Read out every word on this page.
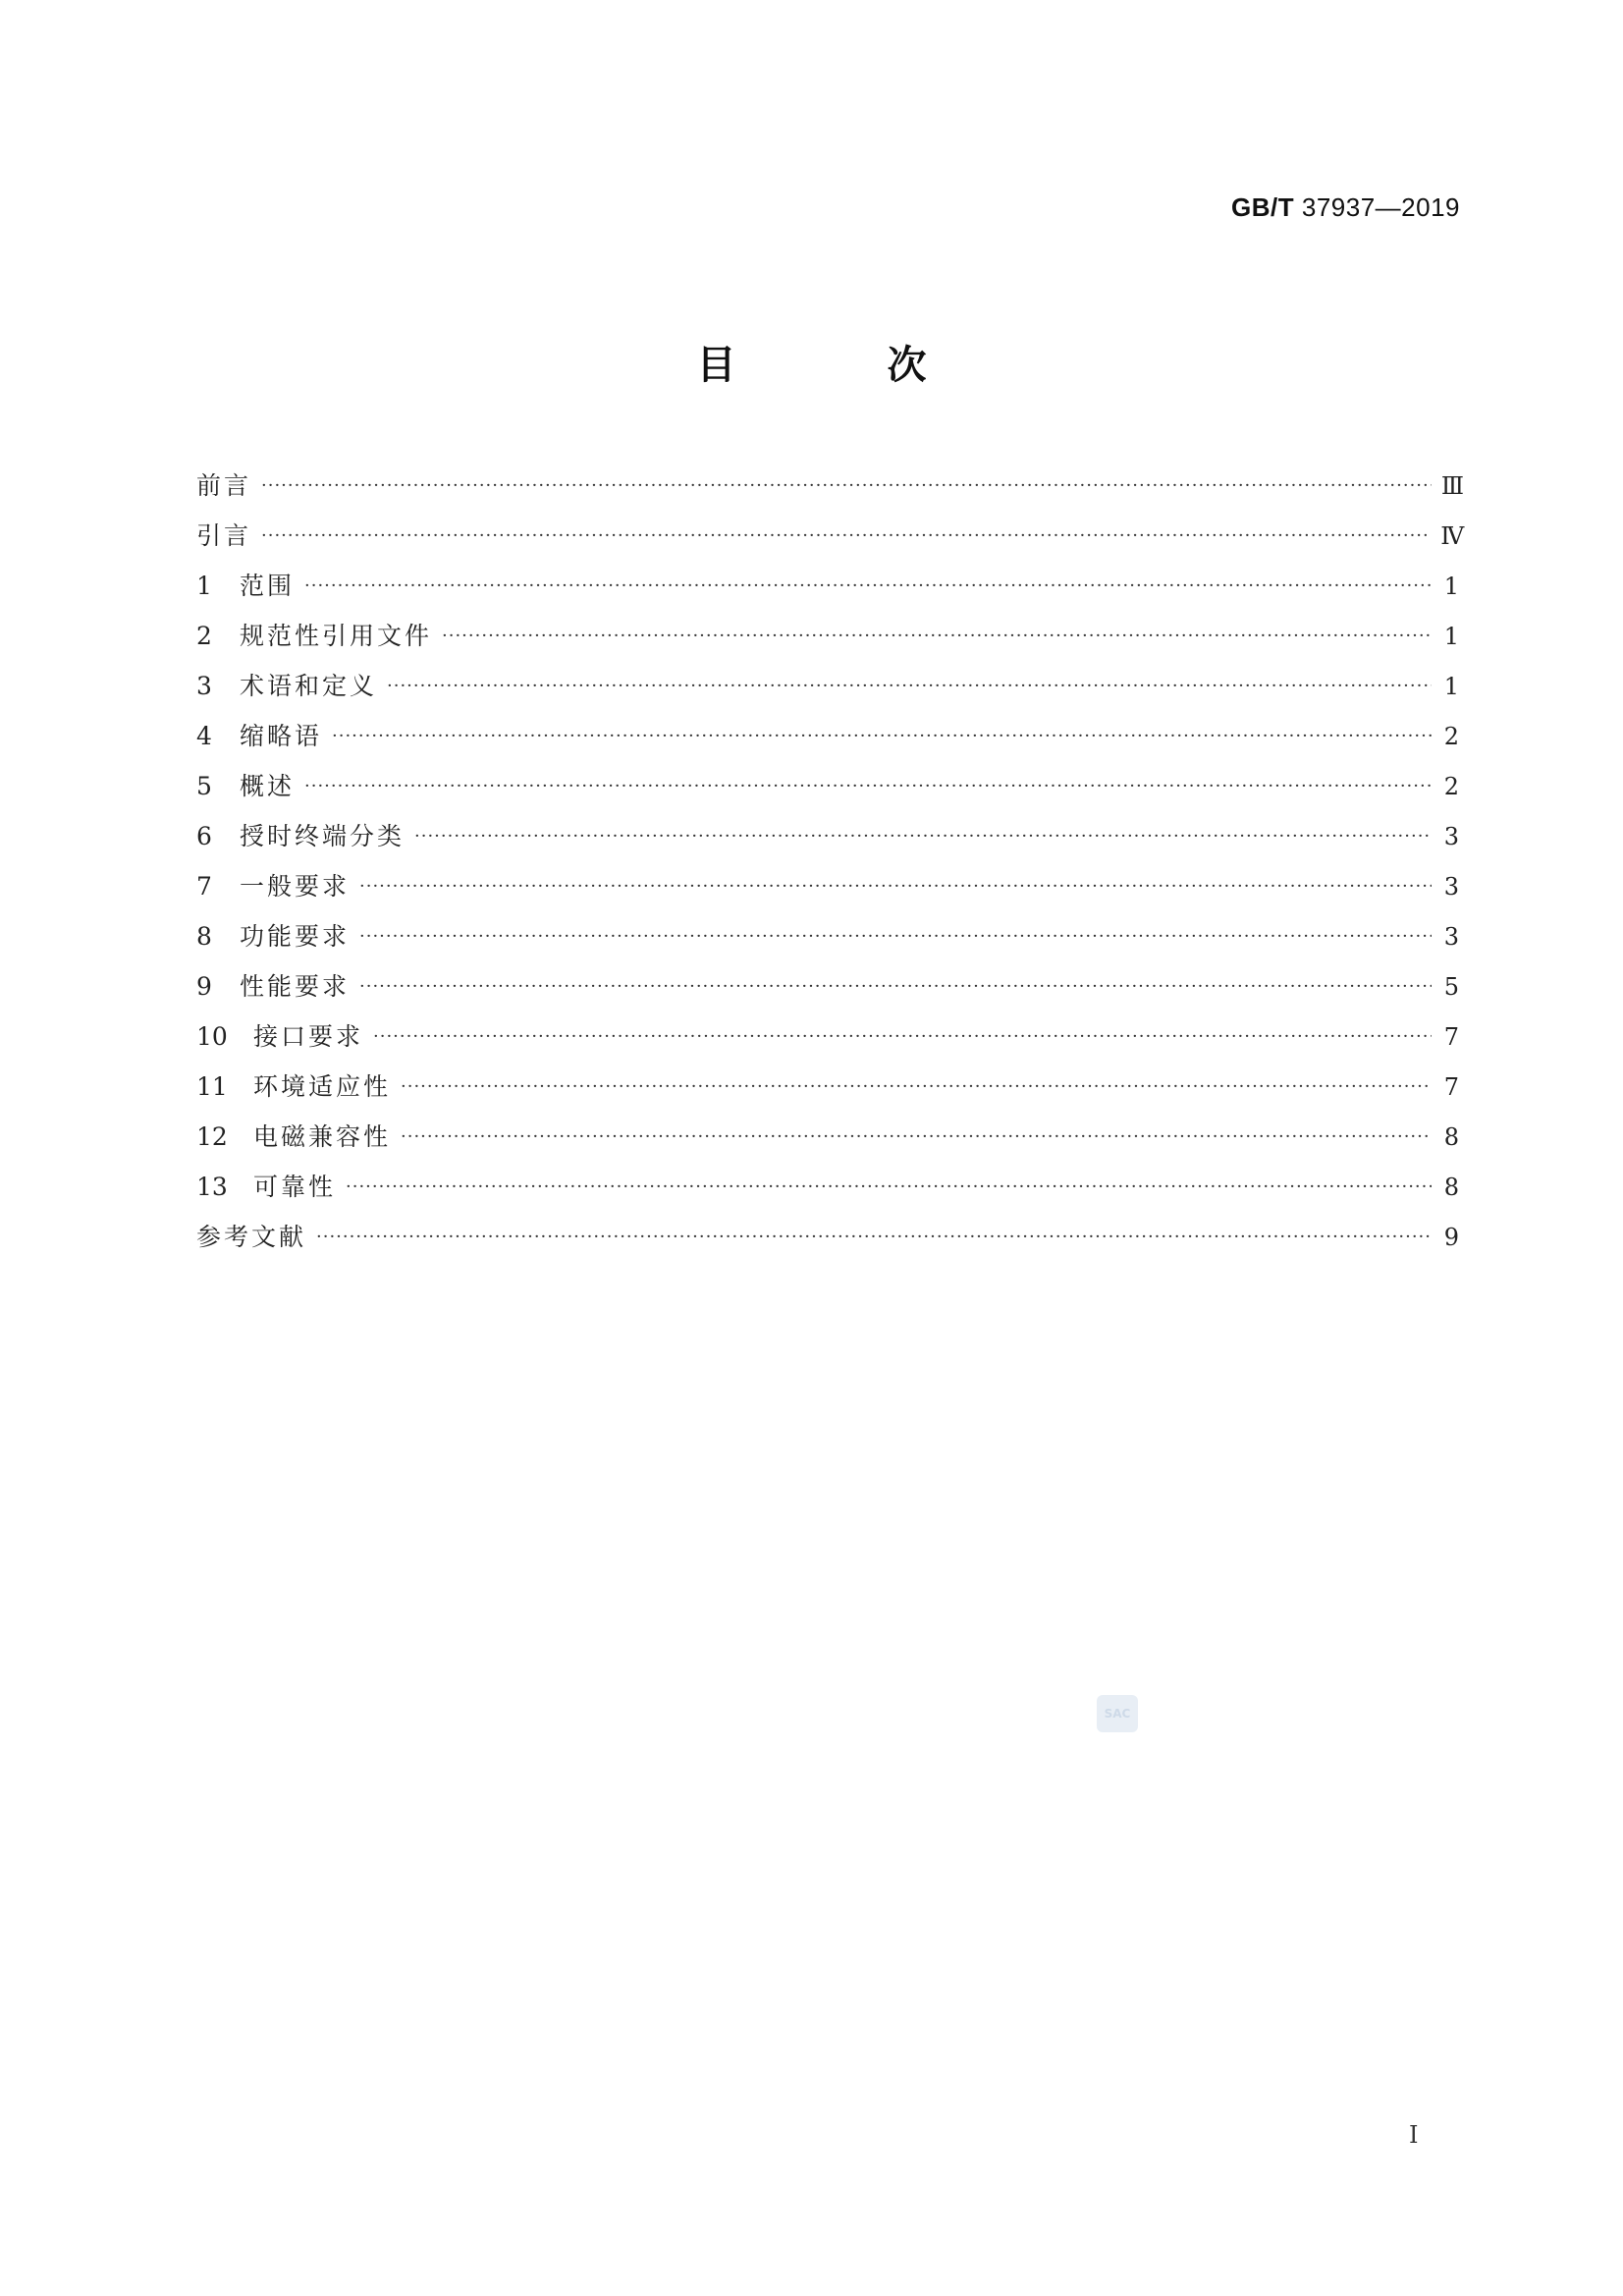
GB/T 37937—2019
目 次
前言 ·····	Ⅲ
引言 ·····	Ⅳ
1	范围 ·····	1
2	规范性引用文件 ·····	1
3	术语和定义 ·····	1
4	缩略语 ·····	2
5	概述 ·····	2
6	授时终端分类 ·····	3
7	一般要求 ·····	3
8	功能要求 ·····	3
9	性能要求 ·····	5
10	接口要求 ·····	7
11	环境适应性 ·····	7
12	电磁兼容性 ·····	8
13	可靠性 ·····	8
参考文献 ·····	9
SAC
Ⅰ
